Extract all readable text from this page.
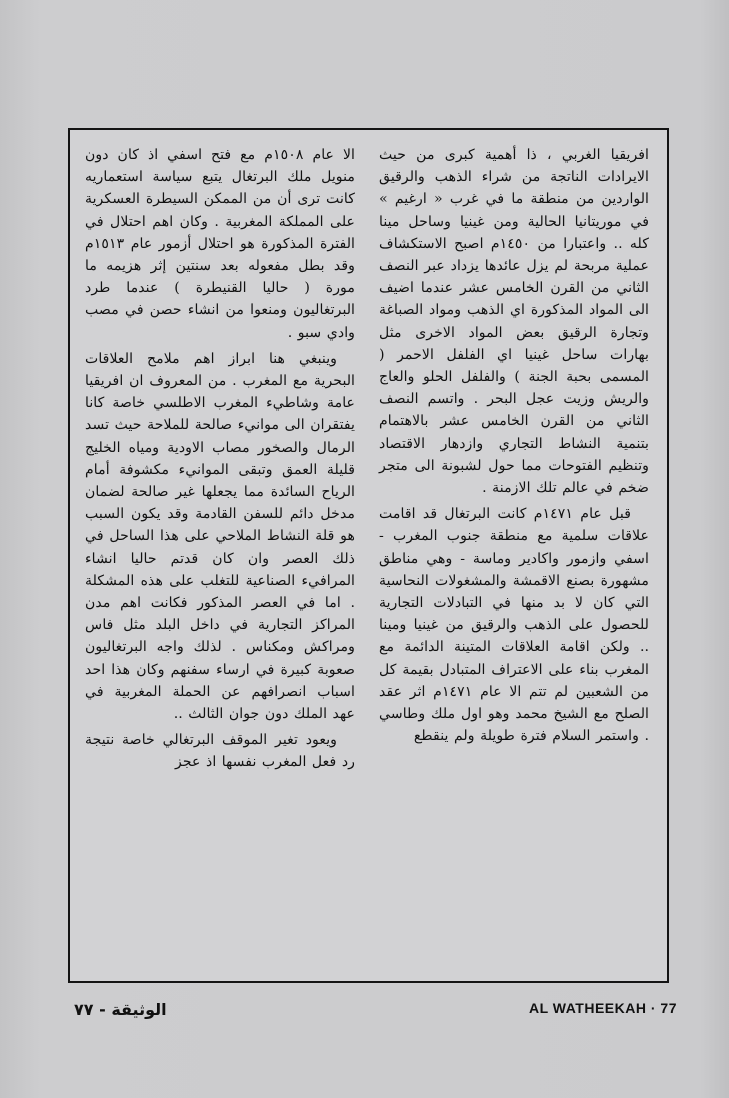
افريقيا الغربي ، ذا أهمية كبرى من حيث الايرادات الناتجة من شراء الذهب والرقيق الواردين من منطقة ما في غرب « ارغيم » في موريتانيا الحالية ومن غينيا وساحل مينا كله .. واعتبارا من ١٤٥٠م اصبح الاستكشاف عملية مربحة لم يزل عائدها يزداد عبر النصف الثاني من القرن الخامس عشر عندما اضيف الى المواد المذكورة اي الذهب ومواد الصباغة وتجارة الرقيق بعض المواد الاخرى مثل بهارات ساحل غينيا اي الفلفل الاحمر ( المسمى بحبة الجنة ) والفلفل الحلو والعاج والريش وزيت عجل البحر . واتسم النصف الثاني من القرن الخامس عشر بالاهتمام بتنمية النشاط التجاري وازدهار الاقتصاد وتنظيم الفتوحات مما حول لشبونة الى متجر ضخم في عالم تلك الازمنة .

قبل عام ١٤٧١م كانت البرتغال قد اقامت علاقات سلمية مع منطقة جنوب المغرب - اسفي وازمور واكادير وماسة - وهي مناطق مشهورة بصنع الاقمشة والمشغولات النحاسية التي كان لا بد منها في التبادلات التجارية للحصول على الذهب والرقيق من غينيا ومينا .. ولكن اقامة العلاقات المتينة الدائمة مع المغرب بناء على الاعتراف المتبادل بقيمة كل من الشعبين لم تتم الا عام ١٤٧١م اثر عقد الصلح مع الشيخ محمد وهو اول ملك وطاسي . واستمر السلام فترة طويلة ولم ينقطع

الا عام ١٥٠٨م مع فتح اسفي اذ كان دون منويل ملك البرتغال يتبع سياسة استعماريه كانت ترى أن من الممكن السيطرة العسكرية على المملكة المغربية . وكان اهم احتلال في الفترة المذكورة هو احتلال أزمور عام ١٥١٣م وقد بطل مفعوله بعد سنتين إثر هزيمه ما مورة ( حاليا القنيطرة ) عندما طرد البرتغاليون ومنعوا من انشاء حصن في مصب وادي سبو .

وينبغي هنا ابراز اهم ملامح العلاقات البحرية مع المغرب . من المعروف ان افريقيا عامة وشاطيء المغرب الاطلسي خاصة كانا يفتقران الى موانيء صالحة للملاحة حيث تسد الرمال والصخور مصاب الاودية ومياه الخليج قليلة العمق وتبقى الموانيء مكشوفة أمام الرياح السائدة مما يجعلها غير صالحة لضمان مدخل دائم للسفن القادمة وقد يكون السبب هو قلة النشاط الملاحي على هذا الساحل في ذلك العصر وان كان قدتم حاليا انشاء المرافيء الصناعية للتغلب على هذه المشكلة . اما في العصر المذكور فكانت اهم مدن المراكز التجارية في داخل البلد مثل فاس ومراكش ومكناس . لذلك واجه البرتغاليون صعوبة كبيرة في ارساء سفنهم وكان هذا احد اسباب انصرافهم عن الحملة المغربية في عهد الملك دون جوان الثالث ..

ويعود تغير الموقف البرتغالي خاصة نتيجة رد فعل المغرب نفسها اذ عجز

الوثيقة - ٧٧	AL WATHEEKAH · 77
